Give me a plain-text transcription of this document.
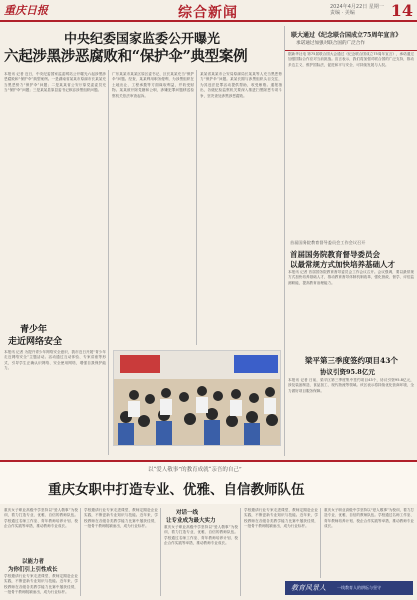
重庆日报	综合新闻	2024年4月22日 星期一
责编 · 美编	14
中央纪委国家监委公开曝光
六起涉黑涉恶腐败和“保护伞”典型案例
联大通过《纪念联合国成立75周年宣言》
承诺通过加强对联合国的广泛合作
首届国务院教育督导委员会工作会议召开
首届国务院教育督导委员会
以最常规方式加快培养基础人才
梁平第三季度签约项目43个
协议引资95.8亿元
本报讯 记者 近日，中央纪委国家监委网站公开曝光六起涉黑涉恶腐败和“保护伞”典型案例。一是湖南省某某市原副市长某某充当黑恶势力“保护伞”问题；二是某某省公安厅原党委委员充当“保护伞”问题；三是某某县原县委书记纵容涉黑组织问题。
广东某某市某某区原区委书记、区长某某充当“保护伞”问题。经查，某某利用职务便利，为涉黑组织在土地出让、工程承揽等方面谋取利益，并收受财物。某某被开除党籍和公职，涉嫌犯罪问题移送检察机关依法审查起诉。
某某省某某市公安局原副局长某某等人充当黑恶势力“保护伞”问题。某某长期与涉黑组织头目交往，为其违法犯罪活动提供帮助，收受贿赂。通报指出，各级纪检监察机关要深入推进扫黑除恶专项斗争，坚决查处涉黑涉恶腐败。
据新华社电 第75届联合国大会通过《纪念联合国成立75周年宣言》，承诺通过加强国际合作应对当前挑战。宣言表示，我们将加强对联合国的广泛支持，推动多边主义，维护国际法，促进和平与安全、可持续发展与人权。
本报讯 记者 首届国务院教育督导委员会工作会议召开。会议强调，要以最常规方式加快培养基础人才，推动教育督导体制机制改革，强化督政、督学、评估监测职能，提高教育治理能力。
本报讯 记者 日前，梁平区第三季度集中签约项目43个，协议引资95.8亿元，涉及装备制造、食品加工、现代物流等领域。该区表示将持续优化营商环境，全力做好项目服务保障。
青少年
走近网络安全
本报讯 记者 为提升青少年网络安全意识，我市近日开展“青少年走近网络安全”主题活动。活动通过互动体验、专家讲座等形式，引导学生正确认识网络、安全使用网络，增强自我保护能力。
以“爱人敬事”的教育成就“亲吾的自己”
重庆女职中打造专业、优雅、自信教师队伍
重庆女子职业高级中学坚持以“爱人敬事”为校训，着力打造专业、优雅、自信的教师队伍。学校通过名师工作室、青年教师培养计划、校企合作实践等举措，推动教师专业成长。
以能力者
为你们引上引性成长
学校邀请行业专家走进课堂，教师定期赴企业实践，不断更新专业知识与技能。近年来，学校教师在各级各类教学能力比赛中屡获佳绩，一批骨干教师脱颖而出，成为行业标杆。
学校邀请行业专家走进课堂，教师定期赴企业实践，不断更新专业知识与技能。近年来，学校教师在各级各类教学能力比赛中屡获佳绩，一批骨干教师脱颖而出，成为行业标杆。
对话一线
让专业成为最大实力
重庆女子职业高级中学坚持以“爱人敬事”为校训，着力打造专业、优雅、自信的教师队伍。学校通过名师工作室、青年教师培养计划、校企合作实践等举措，推动教师专业成长。
学校邀请行业专家走进课堂，教师定期赴企业实践，不断更新专业知识与技能。近年来，学校教师在各级各类教学能力比赛中屡获佳绩，一批骨干教师脱颖而出，成为行业标杆。
重庆女子职业高级中学坚持以“爱人敬事”为校训，着力打造专业、优雅、自信的教师队伍。学校通过名师工作室、青年教师培养计划、校企合作实践等举措，推动教师专业成长。
教育风景人	一线教育人的耕耘与坚守
